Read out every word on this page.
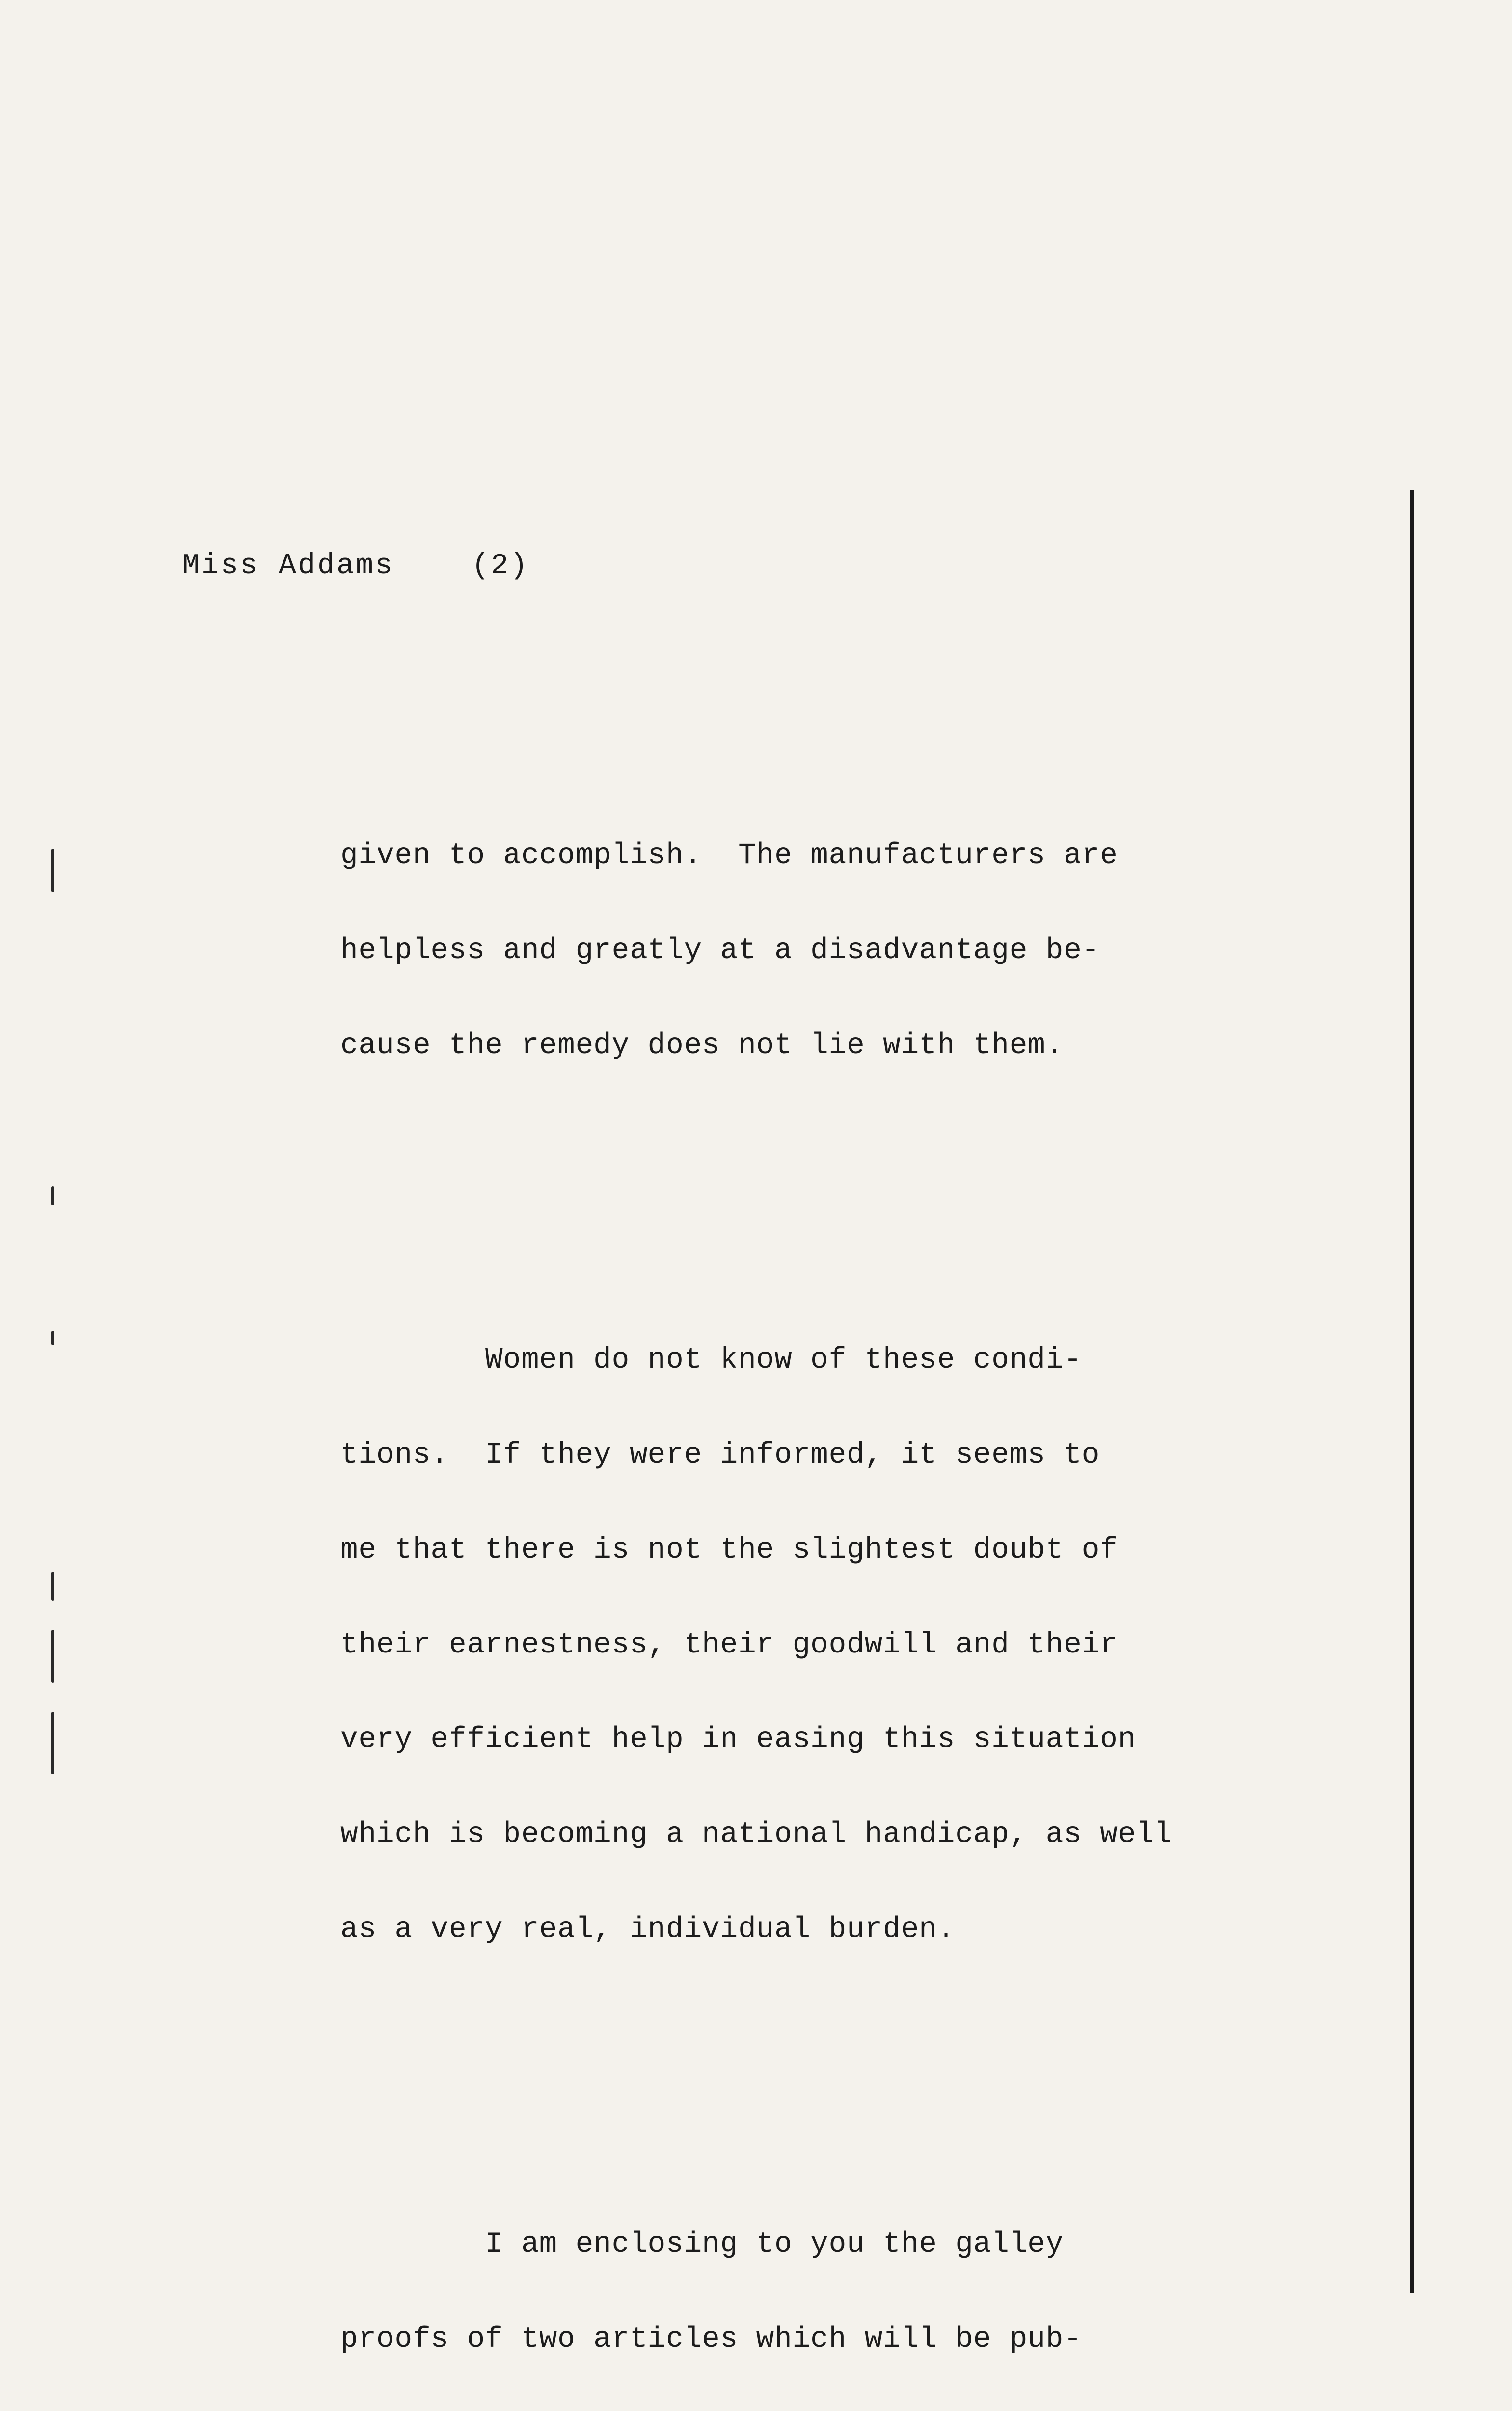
Miss Addams	(2)

given to accomplish.  The manufacturers are

helpless and greatly at a disadvantage be-

cause the remedy does not lie with them.

Women do not know of these condi-

tions.  If they were informed, it seems to

me that there is not the slightest doubt of

their earnestness, their goodwill and their

very efficient help in easing this situation

which is becoming a national handicap, as well

as a very real, individual burden.

I am enclosing to you the galley

proofs of two articles which will be pub-
